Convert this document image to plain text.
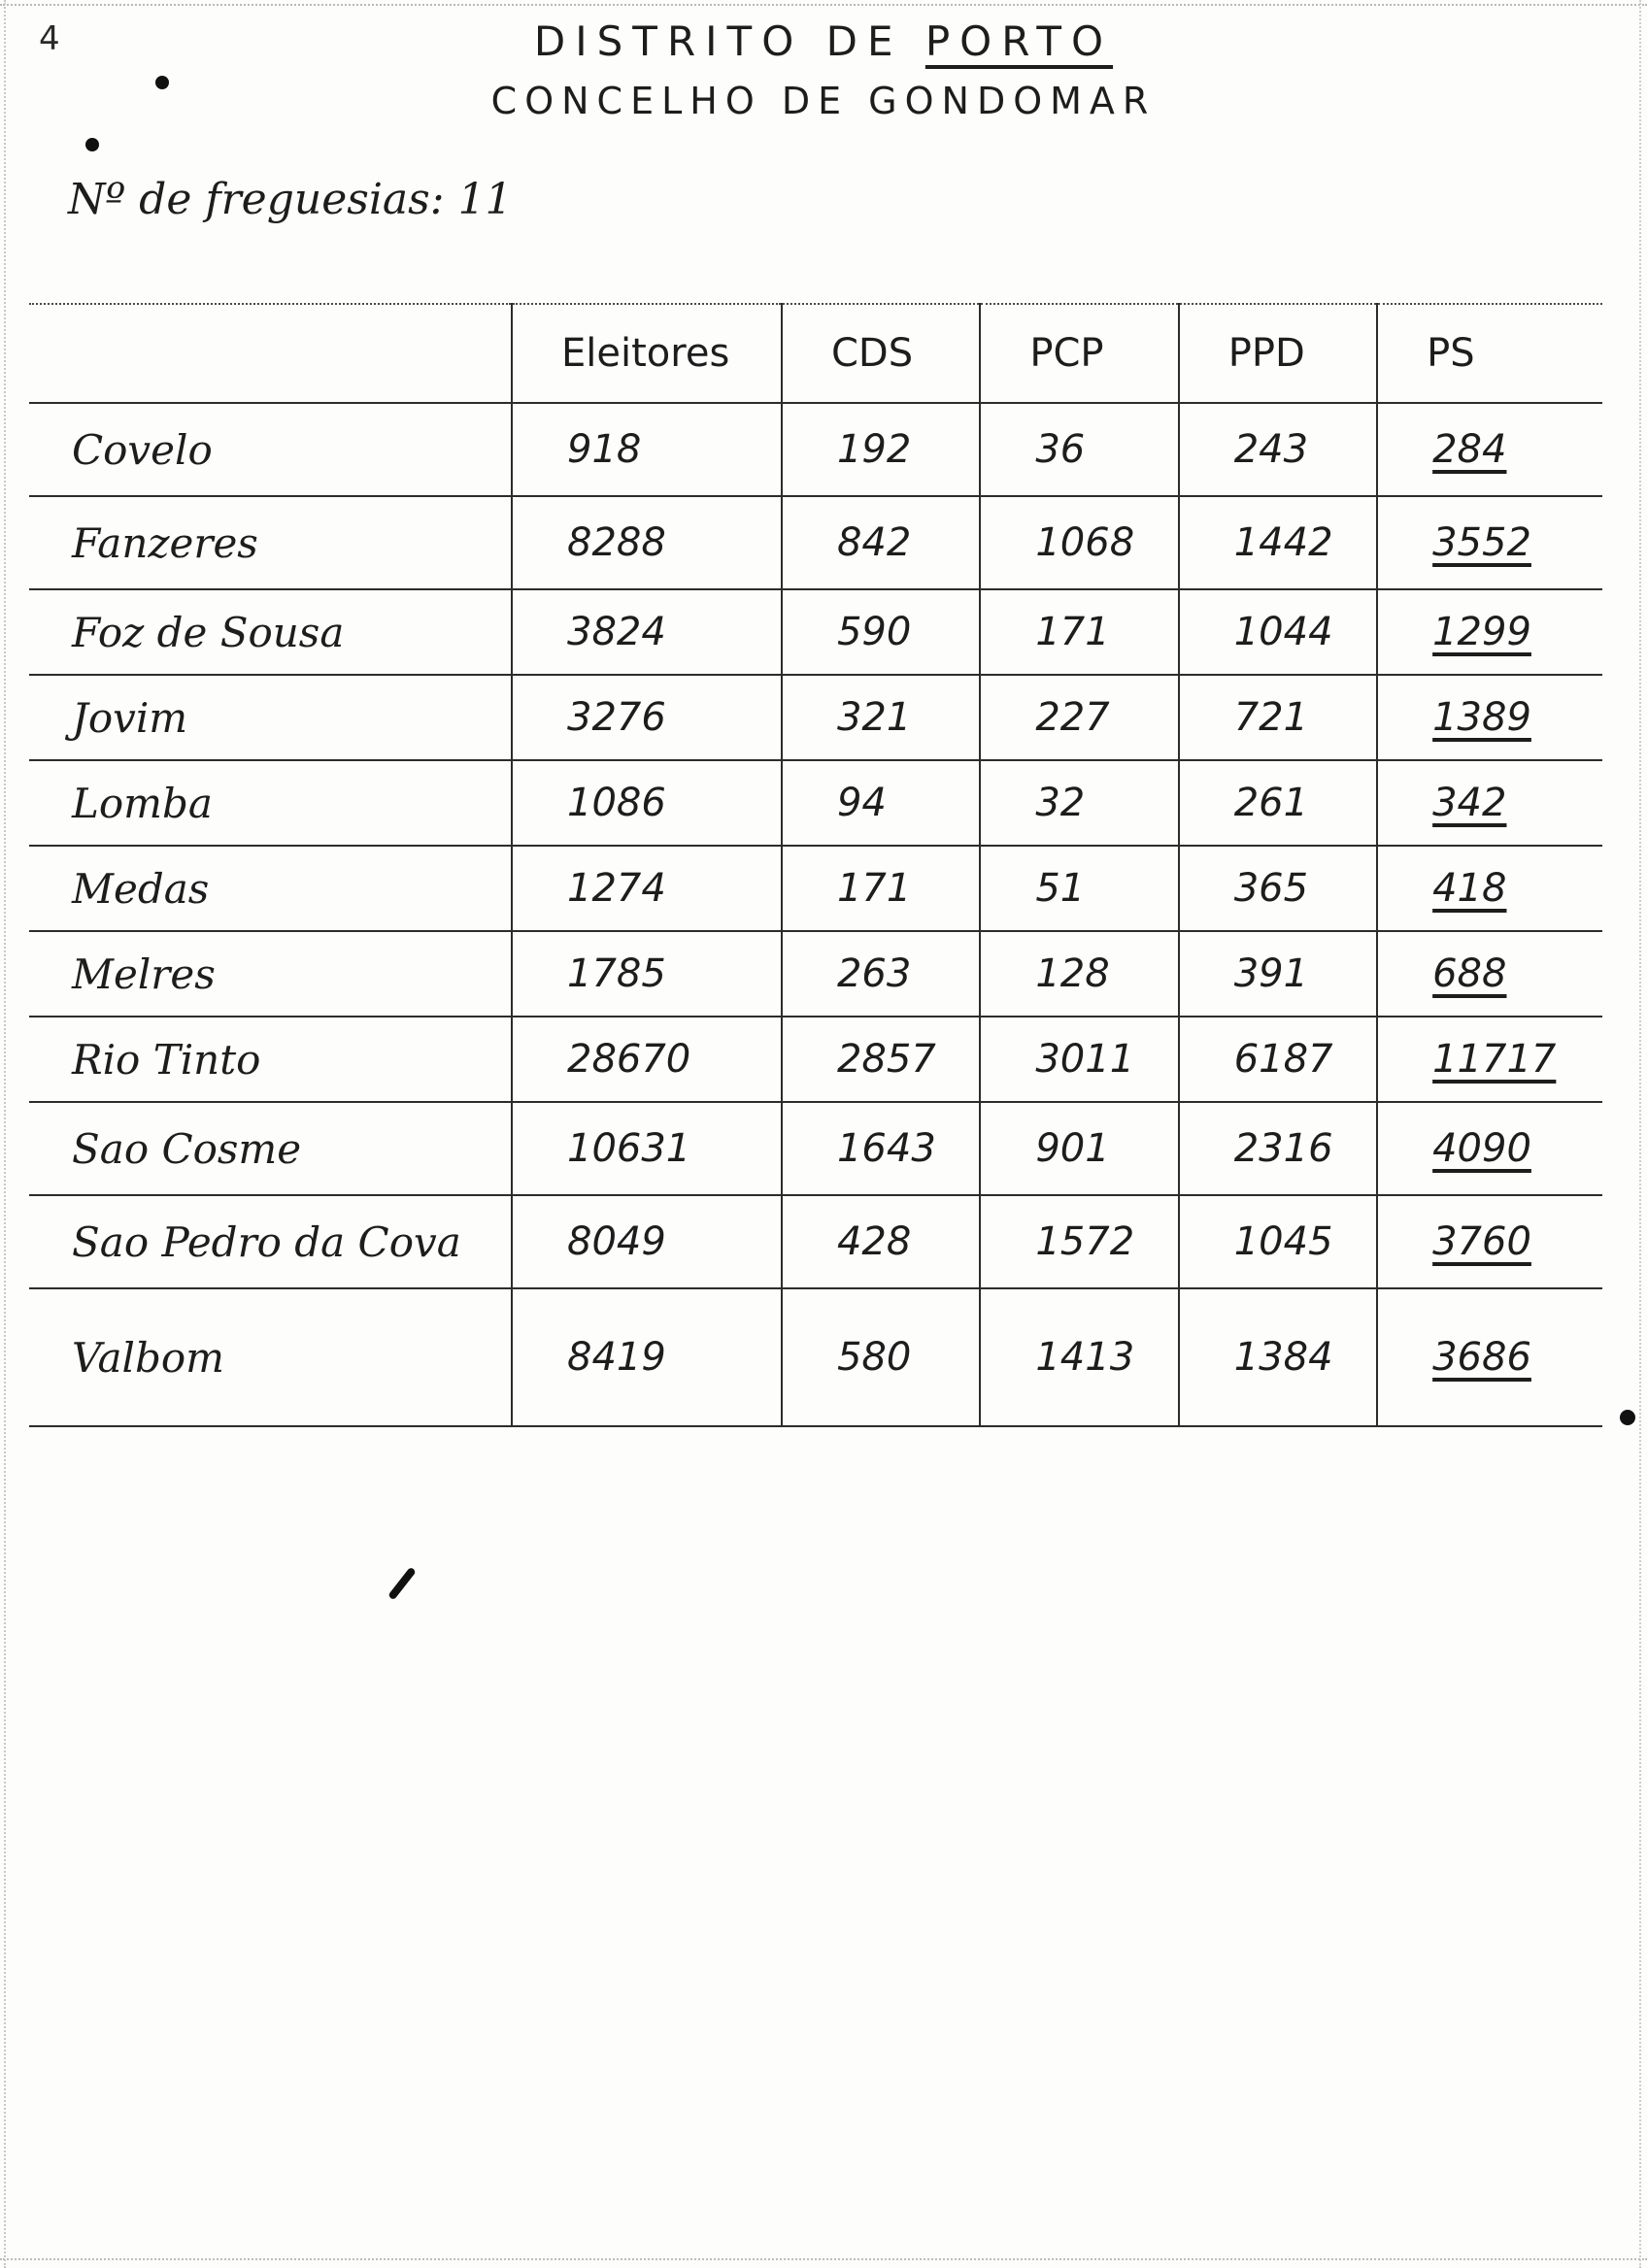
4	DISTRITO DE PORTO
CONCELHO DE GONDOMAR
Nº de freguesias: 11
	Eleitores	CDS	PCP	PPD	PS
Covelo	918	192	36	243	284
Fanzeres	8288	842	1068	1442	3552
Foz de Sousa	3824	590	171	1044	1299
Jovim	3276	321	227	721	1389
Lomba	1086	94	32	261	342
Medas	1274	171	51	365	418
Melres	1785	263	128	391	688
Rio Tinto	28670	2857	3011	6187	11717
Sao Cosme	10631	1643	901	2316	4090
Sao Pedro da Cova	8049	428	1572	1045	3760
Valbom	8419	580	1413	1384	3686
